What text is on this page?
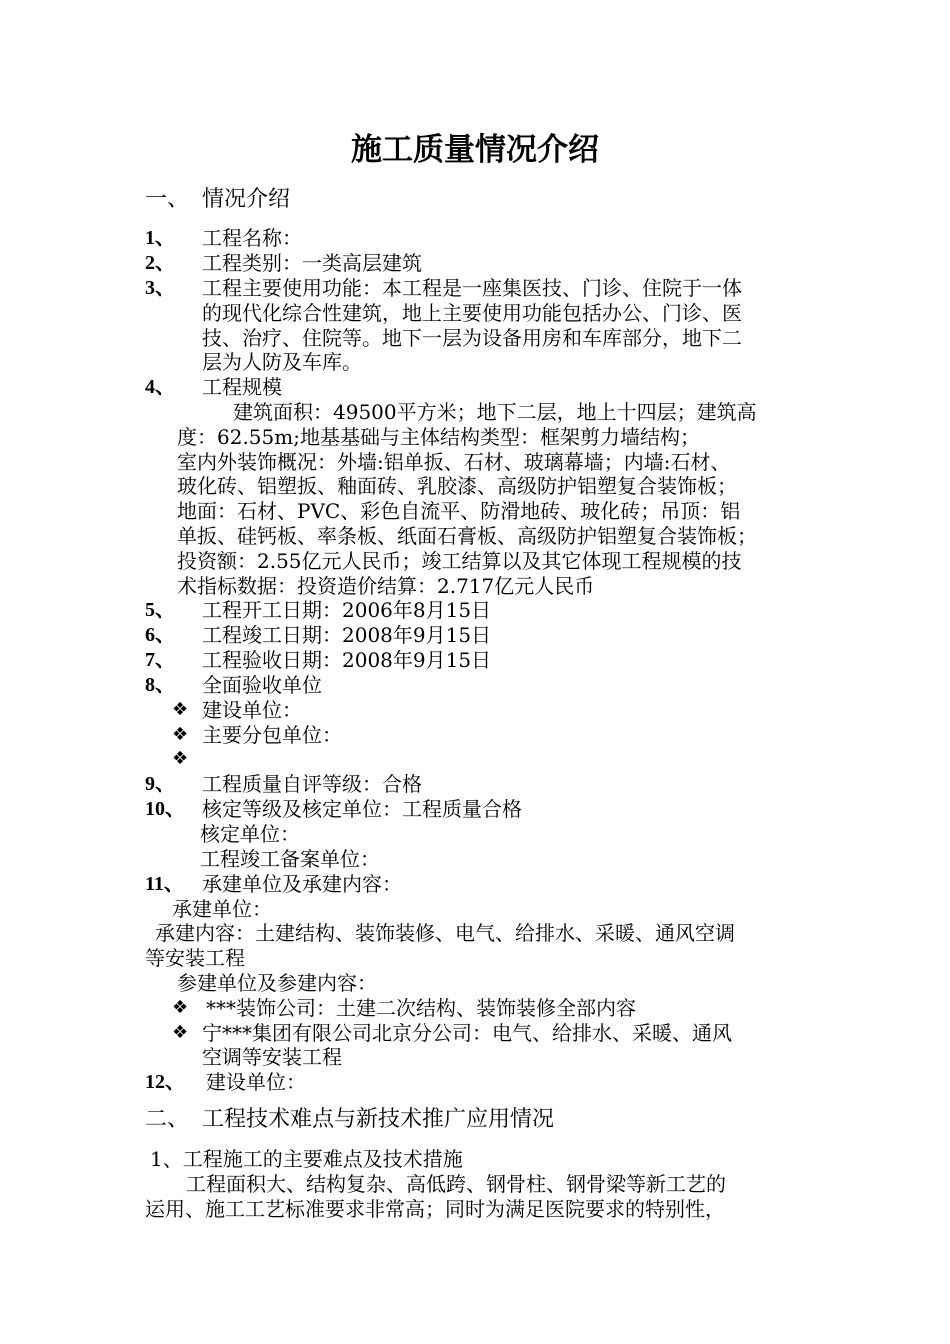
施工质量情况介绍
一、 情况介绍
1、 工程名称：
2、 工程类别：一类高层建筑
3、 工程主要使用功能：本工程是一座集医技、门诊、住院于一体
的现代化综合性建筑，地上主要使用功能包括办公、门诊、医
技、治疗、住院等。地下一层为设备用房和车库部分，地下二
层为人防及车库。
4、 工程规模
建筑面积：49500平方米；地下二层，地上十四层；建筑高
度：62.55m;地基基础与主体结构类型：框架剪力墙结构；
室内外装饰概况：外墙:铝单扳、石材、玻璃幕墙；内墙:石材、
玻化砖、铝塑扳、釉面砖、乳胶漆、高级防护铝塑复合装饰板；
地面：石材、PVC、彩色自流平、防滑地砖、玻化砖；吊顶：铝
单扳、硅钙板、率条板、纸面石膏板、高级防护铝塑复合装饰板；
投资额：2.55亿元人民币；竣工结算以及其它体现工程规模的技
术指标数据：投资造价结算：2.717亿元人民币
5、 工程开工日期：2006年8月15日
6、 工程竣工日期：2008年9月15日
7、 工程验收日期：2008年9月15日
8、 全面验收单位
❖ 建设单位：
❖ 主要分包单位：
❖
9、 工程质量自评等级：合格
10、 核定等级及核定单位：工程质量合格
核定单位：
工程竣工备案单位：
11、 承建单位及承建内容：
承建单位：
承建内容：土建结构、装饰装修、电气、给排水、采暖、通风空调
等安装工程
参建单位及参建内容：
❖ ***装饰公司：土建二次结构、装饰装修全部内容
❖ 宁***集团有限公司北京分公司：电气、给排水、采暖、通风
空调等安装工程
12、 建设单位：
二、 工程技术难点与新技术推广应用情况
1、工程施工的主要难点及技术措施
工程面积大、结构复杂、高低跨、钢骨柱、钢骨梁等新工艺的
运用、施工工艺标准要求非常高；同时为满足医院要求的特别性，
